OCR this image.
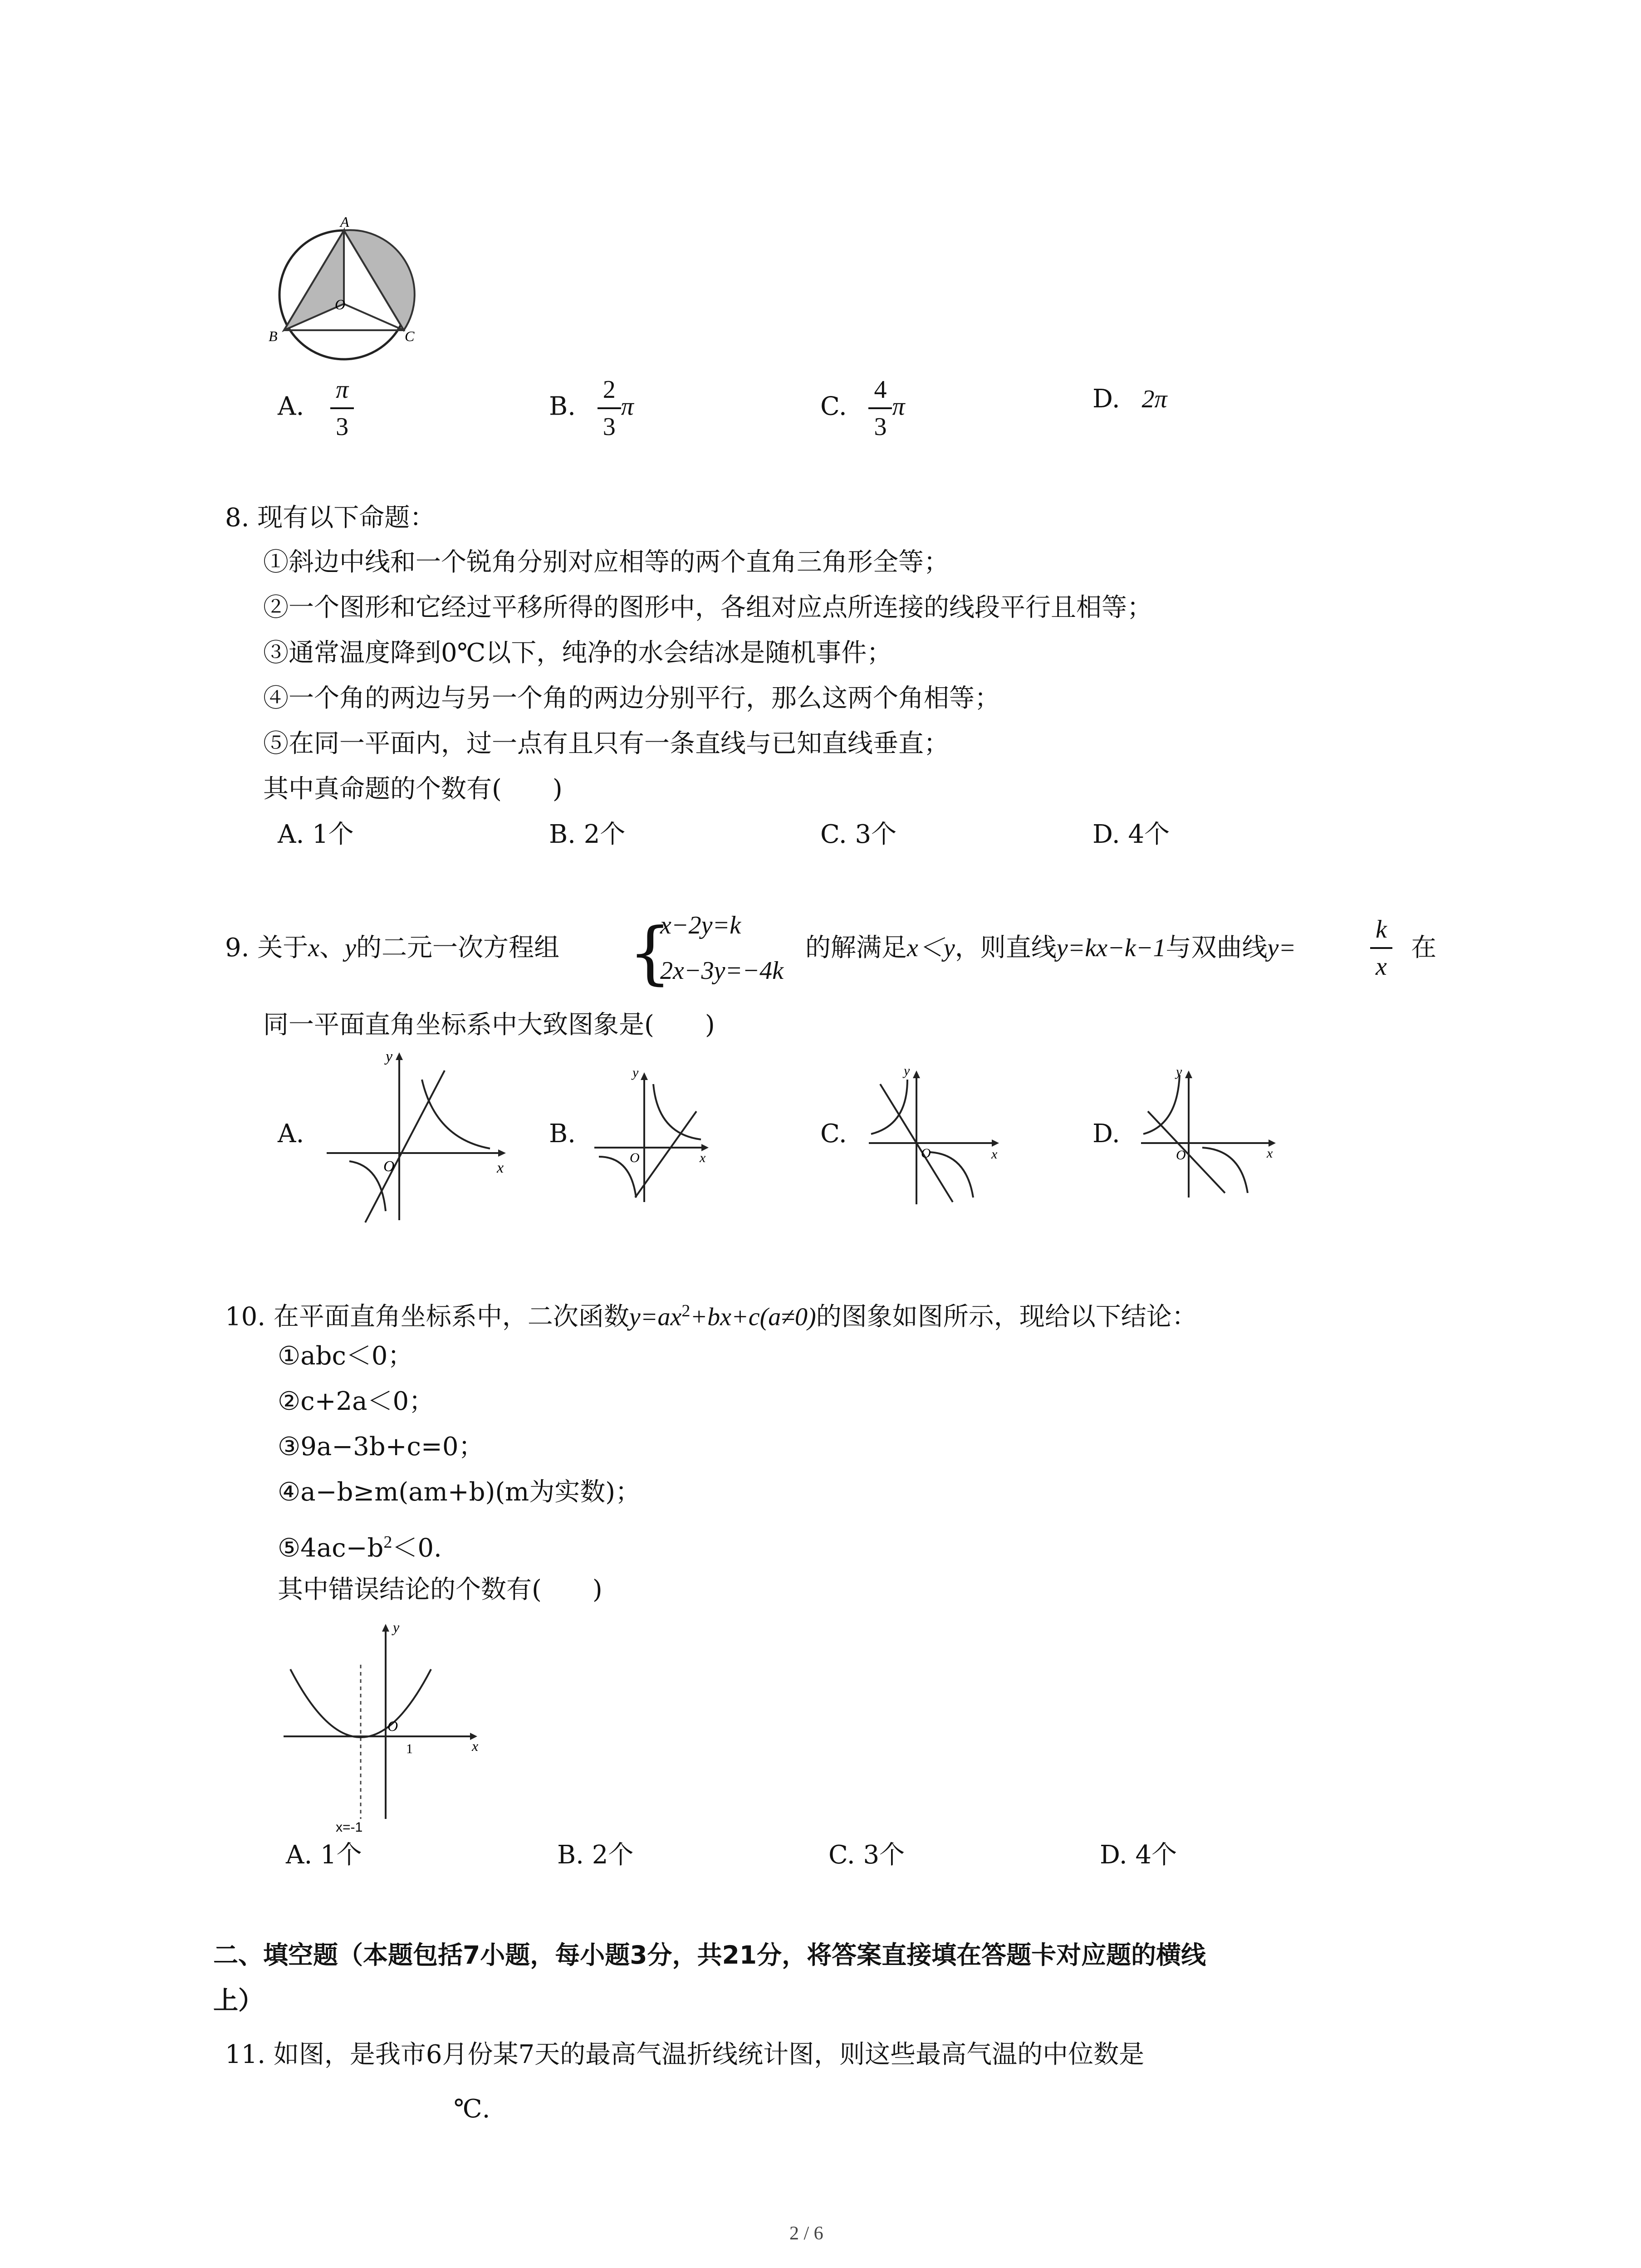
A
B	C
O
A. $\frac{\pi}{3}$	B. $\frac{2}{3}$ π	C. $\frac{4}{3}$ π	D. 2π
8. 现有以下命题：
①斜边中线和一个锐角分别对应相等的两个直角三角形全等；
②一个图形和它经过平移所得的图形中，各组对应点所连接的线段平行且相等；
③通常温度降到0℃以下，纯净的水会结冰是随机事件；
④一个角的两边与另一个角的两边分别平行，那么这两个角相等；
⑤在同一平面内，过一点有且只有一条直线与已知直线垂直；
其中真命题的个数有(　　)
A. 1个	B. 2个	C. 3个	D. 4个
9. 关于x、y的二元一次方程组 {
x−2y=k
2x−3y=−4k
的解满足x＜y，则直线y=kx−k−1与双曲线y=	$\frac{k}{x}$ 在
同一平面直角坐标系中大致图象是(　　)
A.
x
y
O
B.
x
y
O
C.
x
y
O
D.
x
y
O
10. 在平面直角坐标系中，二次函数$y=ax^2+bx+c(a\ne 0)$的图象如图所示，现给以下结论：
①abc＜0；
②c+2a＜0；
③9a−3b+c=0；
④a−b≥m(am+b)(m为实数)；
$⑤4ac-b^2<0$.
其中错误结论的个数有(　　)
x
y
O
1
x=-1
A. 1个	B. 2个	C. 3个	D. 4个
二、填空题（本题包括7小题，每小题3分，共21分，将答案直接填在答题卡对应题的横线
上）
11. 如图，是我市6月份某7天的最高气温折线统计图，则这些最高气温的中位数是
℃.
2 / 6
